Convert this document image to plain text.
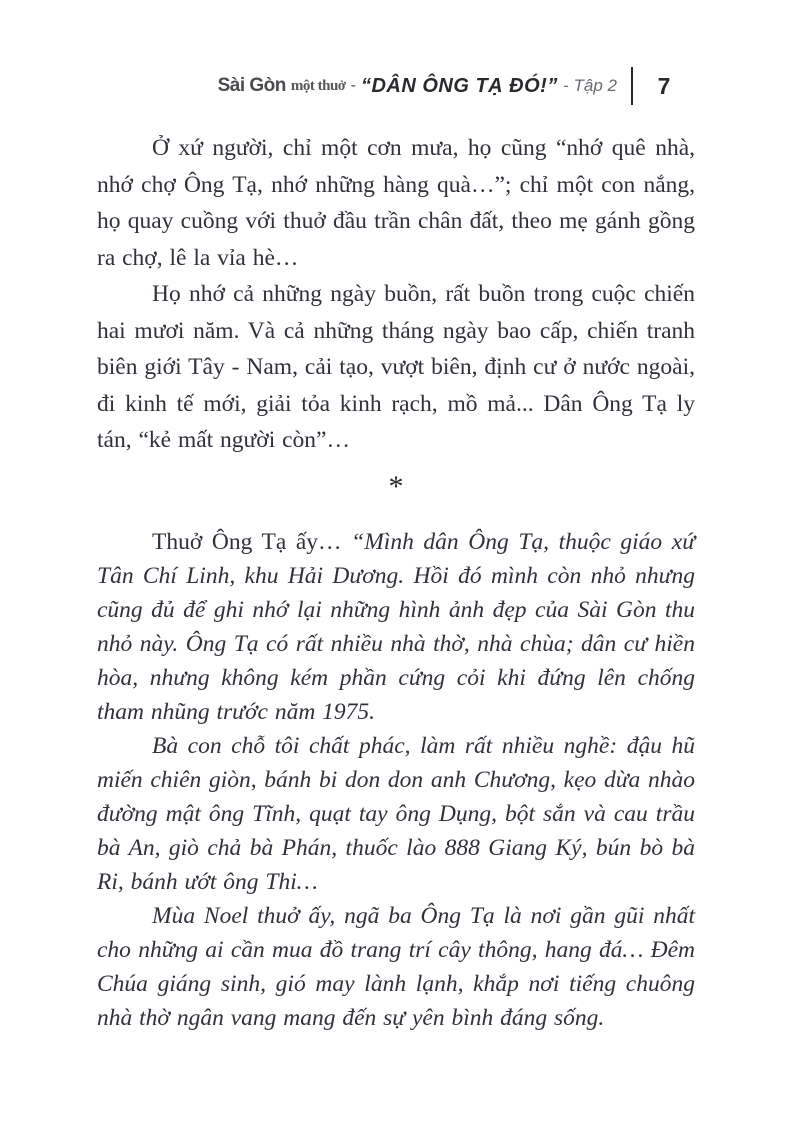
Sài Gòn một thuở - “DÂN ÔNG TẠ ĐÓ!” - Tập 2	7

Ở xứ người, chỉ một cơn mưa, họ cũng “nhớ quê nhà, nhớ chợ Ông Tạ, nhớ những hàng quà…”; chỉ một con nắng, họ quay cuồng với thuở đầu trần chân đất, theo mẹ gánh gồng ra chợ, lê la vỉa hè…

Họ nhớ cả những ngày buồn, rất buồn trong cuộc chiến hai mươi năm. Và cả những tháng ngày bao cấp, chiến tranh biên giới Tây - Nam, cải tạo, vượt biên, định cư ở nước ngoài, đi kinh tế mới, giải tỏa kinh rạch, mồ mả... Dân Ông Tạ ly tán, “kẻ mất người còn”…

*

Thuở Ông Tạ ấy… “Mình dân Ông Tạ, thuộc giáo xứ Tân Chí Linh, khu Hải Dương. Hồi đó mình còn nhỏ nhưng cũng đủ để ghi nhớ lại những hình ảnh đẹp của Sài Gòn thu nhỏ này. Ông Tạ có rất nhiều nhà thờ, nhà chùa; dân cư hiền hòa, nhưng không kém phần cứng cỏi khi đứng lên chống tham nhũng trước năm 1975.

Bà con chỗ tôi chất phác, làm rất nhiều nghề: đậu hũ miến chiên giòn, bánh bi don don anh Chương, kẹo dừa nhào đường mật ông Tĩnh, quạt tay ông Dụng, bột sắn và cau trầu bà An, giò chả bà Phán, thuốc lào 888 Giang Ký, bún bò bà Ri, bánh ướt ông Thi…

Mùa Noel thuở ấy, ngã ba Ông Tạ là nơi gần gũi nhất cho những ai cần mua đồ trang trí cây thông, hang đá… Đêm Chúa giáng sinh, gió may lành lạnh, khắp nơi tiếng chuông nhà thờ ngân vang mang đến sự yên bình đáng sống.
